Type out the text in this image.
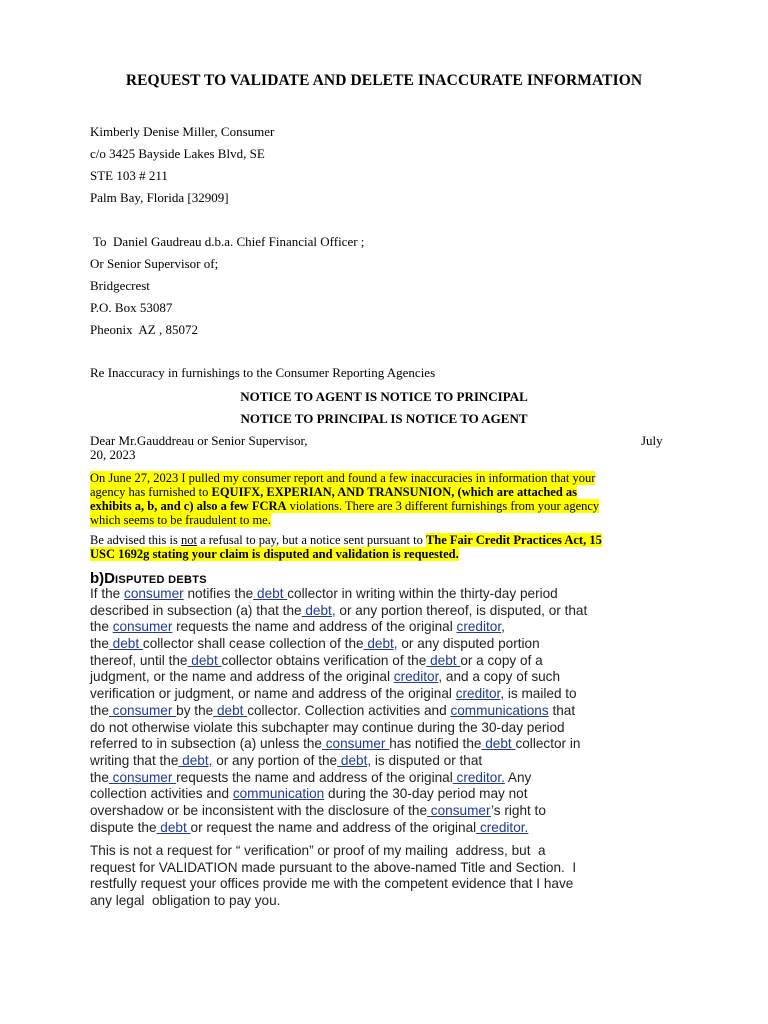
REQUEST TO VALIDATE AND DELETE INACCURATE INFORMATION
Kimberly Denise Miller, Consumer
c/o 3425 Bayside Lakes Blvd, SE
STE 103 # 211
Palm Bay, Florida [32909]
To  Daniel Gaudreau d.b.a. Chief Financial Officer ;
Or Senior Supervisor of;
Bridgecrest
P.O. Box 53087
Pheonix  AZ , 85072
Re Inaccuracy in furnishings to the Consumer Reporting Agencies
NOTICE TO AGENT IS NOTICE TO PRINCIPAL
NOTICE TO PRINCIPAL IS NOTICE TO AGENT
Dear Mr.Gauddreau or Senior Supervisor,	July
20, 2023
On June 27, 2023 I pulled my consumer report and found a few inaccuracies in information that your
agency has furnished to EQUIFX, EXPERIAN, AND TRANSUNION, (which are attached as
exhibits a, b, and c) also a few FCRA violations. There are 3 different furnishings from your agency
which seems to be fraudulent to me.
Be advised this is not a refusal to pay, but a notice sent pursuant to The Fair Credit Practices Act, 15
USC 1692g stating your claim is disputed and validation is requested.
b)DISPUTED DEBTS
If the consumer notifies the debt collector in writing within the thirty-day period
described in subsection (a) that the debt, or any portion thereof, is disputed, or that
the consumer requests the name and address of the original creditor,
the debt collector shall cease collection of the debt, or any disputed portion
thereof, until the debt collector obtains verification of the debt or a copy of a
judgment, or the name and address of the original creditor, and a copy of such
verification or judgment, or name and address of the original creditor, is mailed to
the consumer by the debt collector. Collection activities and communications that
do not otherwise violate this subchapter may continue during the 30-day period
referred to in subsection (a) unless the consumer has notified the debt collector in
writing that the debt, or any portion of the debt, is disputed or that
the consumer requests the name and address of the original creditor. Any
collection activities and communication during the 30-day period may not
overshadow or be inconsistent with the disclosure of the consumer’s right to
dispute the debt or request the name and address of the original creditor.
This is not a request for “ verification” or proof of my mailing  address, but  a
request for VALIDATION made pursuant to the above-named Title and Section.  I
restfully request your offices provide me with the competent evidence that I have
any legal  obligation to pay you.
